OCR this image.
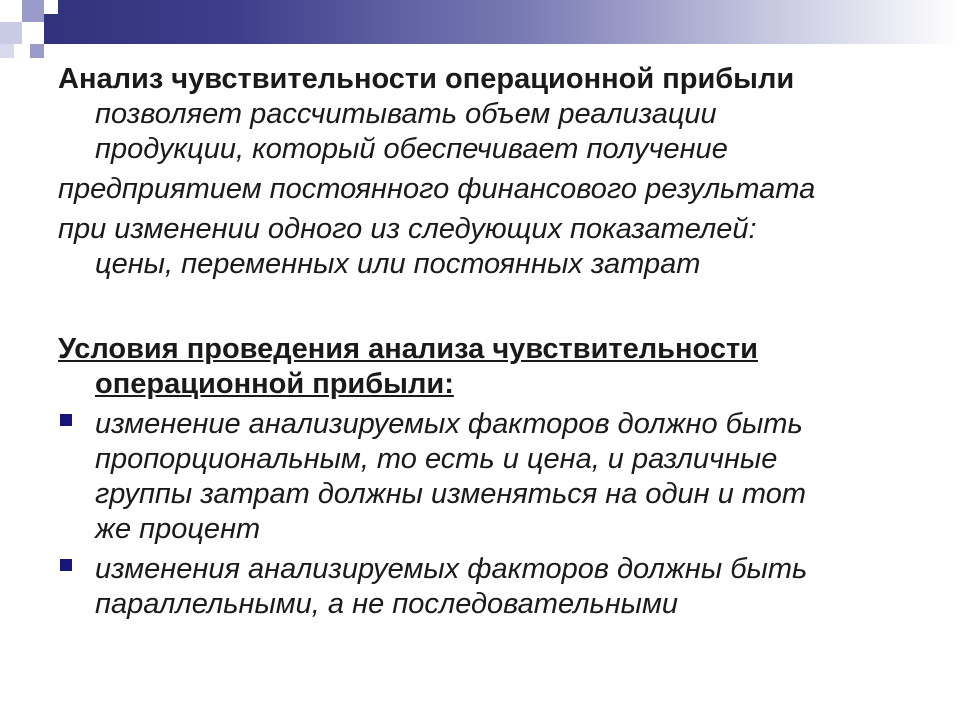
Анализ чувствительности операционной прибыли
позволяет рассчитывать объем реализации
продукции, который обеспечивает получение

предприятием постоянного финансового результата

при изменении одного из следующих показателей:
цены, переменных или постоянных затрат

Условия проведения анализа чувствительности
операционной прибыли:
изменение анализируемых факторов должно быть
пропорциональным, то есть и цена, и различные
группы затрат должны изменяться на один и тот
же процент
изменения анализируемых факторов должны быть
параллельными, а не последовательными
